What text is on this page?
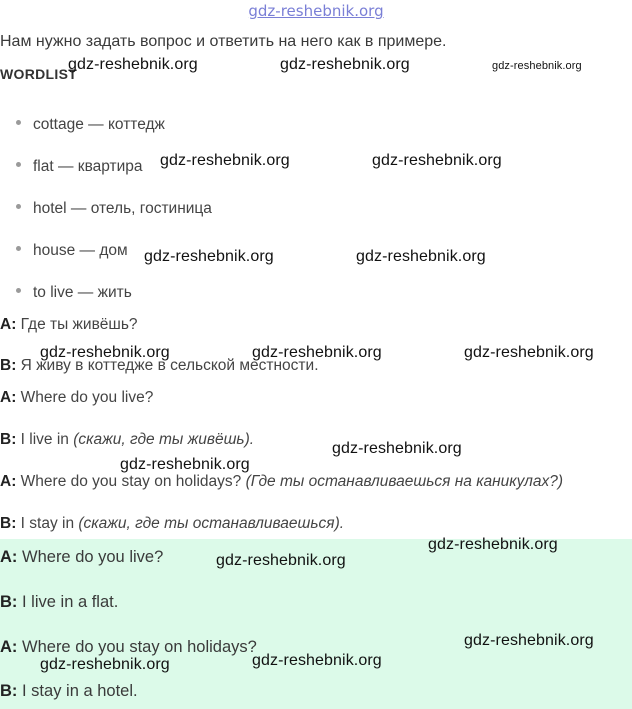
gdz-reshebnik.org
Нам нужно задать вопрос и ответить на него как в примере.
WORDLIST
cottage — коттедж
flat — квартира
hotel — отель, гостиница
house — дом
to live — жить
A: Где ты живёшь?
B: Я живу в коттедже в сельской местности.
A: Where do you live?
B: I live in (скажи, где ты живёшь).
A: Where do you stay on holidays? (Где ты останавливаешься на каникулах?)
B: I stay in (скажи, где ты останавливаешься).
A: Where do you live?
B: I live in a flat.
A: Where do you stay on holidays?
B: I stay in a hotel.
gdz-reshebnik.org	gdz-reshebnik.org	gdz-reshebnik.org
gdz-reshebnik.org	gdz-reshebnik.org
gdz-reshebnik.org	gdz-reshebnik.org
gdz-reshebnik.org	gdz-reshebnik.org	gdz-reshebnik.org
gdz-reshebnik.org
gdz-reshebnik.org
gdz-reshebnik.org
gdz-reshebnik.org
gdz-reshebnik.org
gdz-reshebnik.org
gdz-reshebnik.org
